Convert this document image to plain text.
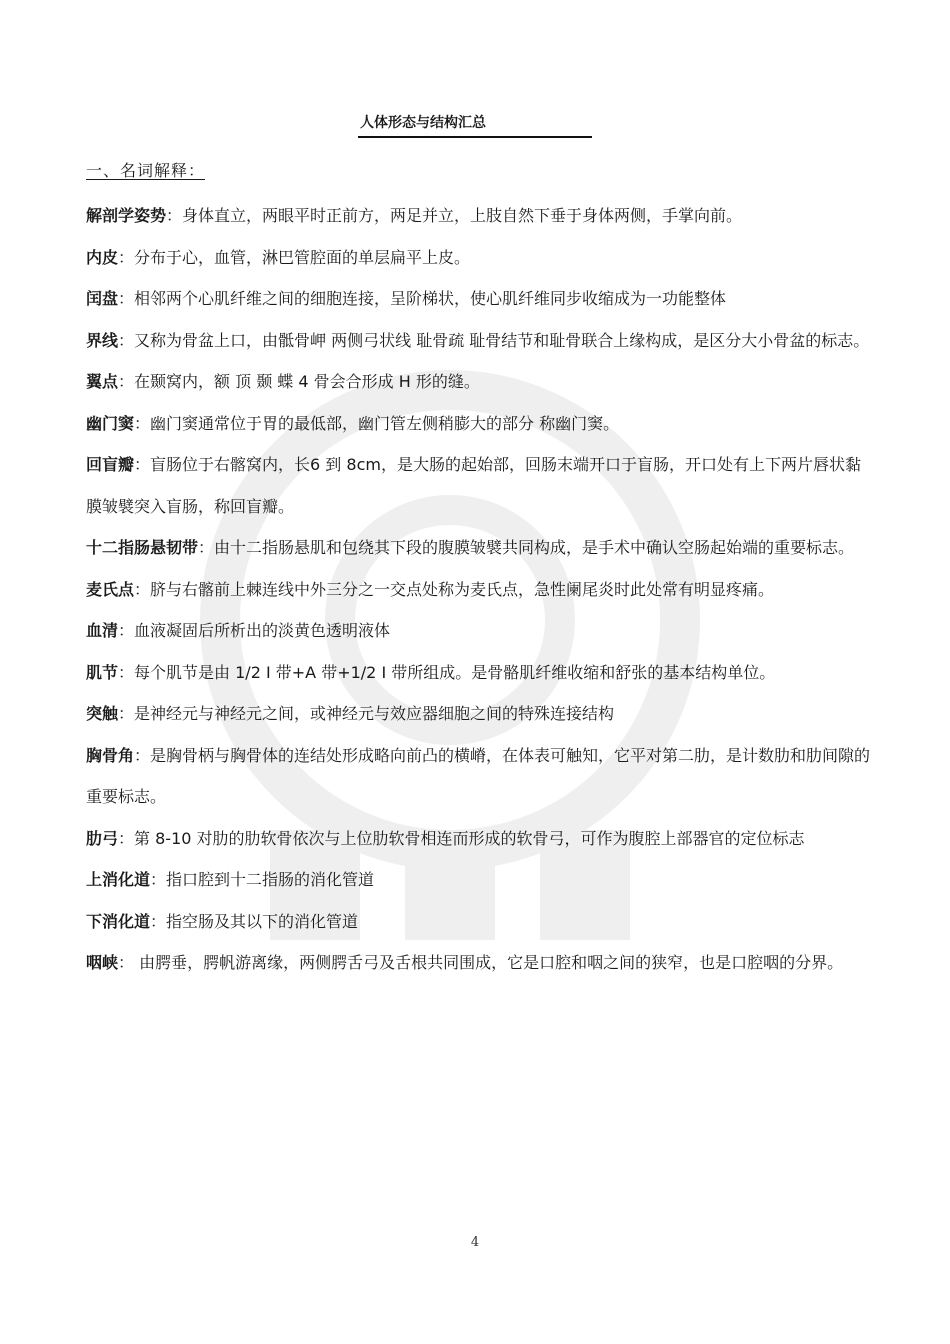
人体形态与结构汇总
一、名词解释：

解剖学姿势：身体直立，两眼平时正前方，两足并立，上肢自然下垂于身体两侧，手掌向前。

内皮：分布于心，血管，淋巴管腔面的单层扁平上皮。

闰盘：相邻两个心肌纤维之间的细胞连接，呈阶梯状，使心肌纤维同步收缩成为一功能整体

界线：又称为骨盆上口，由骶骨岬 两侧弓状线 耻骨疏 耻骨结节和耻骨联合上缘构成，是区分大小骨盆的标志。

翼点：在颞窝内，额 顶 颞 蝶 4 骨会合形成 H 形的缝。

幽门窦：幽门窦通常位于胃的最低部，幽门管左侧稍膨大的部分 称幽门窦。

回盲瓣：盲肠位于右髂窝内，长6 到 8cm，是大肠的起始部，回肠末端开口于盲肠，开口处有上下两片唇状黏膜皱襞突入盲肠，称回盲瓣。

十二指肠悬韧带：由十二指肠悬肌和包绕其下段的腹膜皱襞共同构成，是手术中确认空肠起始端的重要标志。

麦氏点：脐与右髂前上棘连线中外三分之一交点处称为麦氏点，急性阑尾炎时此处常有明显疼痛。

血清：血液凝固后所析出的淡黄色透明液体

肌节：每个肌节是由 1/2 I 带+A 带+1/2 I 带所组成。是骨骼肌纤维收缩和舒张的基本结构单位。

突触：是神经元与神经元之间，或神经元与效应器细胞之间的特殊连接结构

胸骨角：是胸骨柄与胸骨体的连结处形成略向前凸的横嵴，在体表可触知，它平对第二肋，是计数肋和肋间隙的重要标志。

肋弓：第 8-10 对肋的肋软骨依次与上位肋软骨相连而形成的软骨弓，可作为腹腔上部器官的定位标志

上消化道：指口腔到十二指肠的消化管道

下消化道：指空肠及其以下的消化管道

咽峡： 由腭垂，腭帆游离缘，两侧腭舌弓及舌根共同围成，它是口腔和咽之间的狭窄，也是口腔咽的分界。

4
